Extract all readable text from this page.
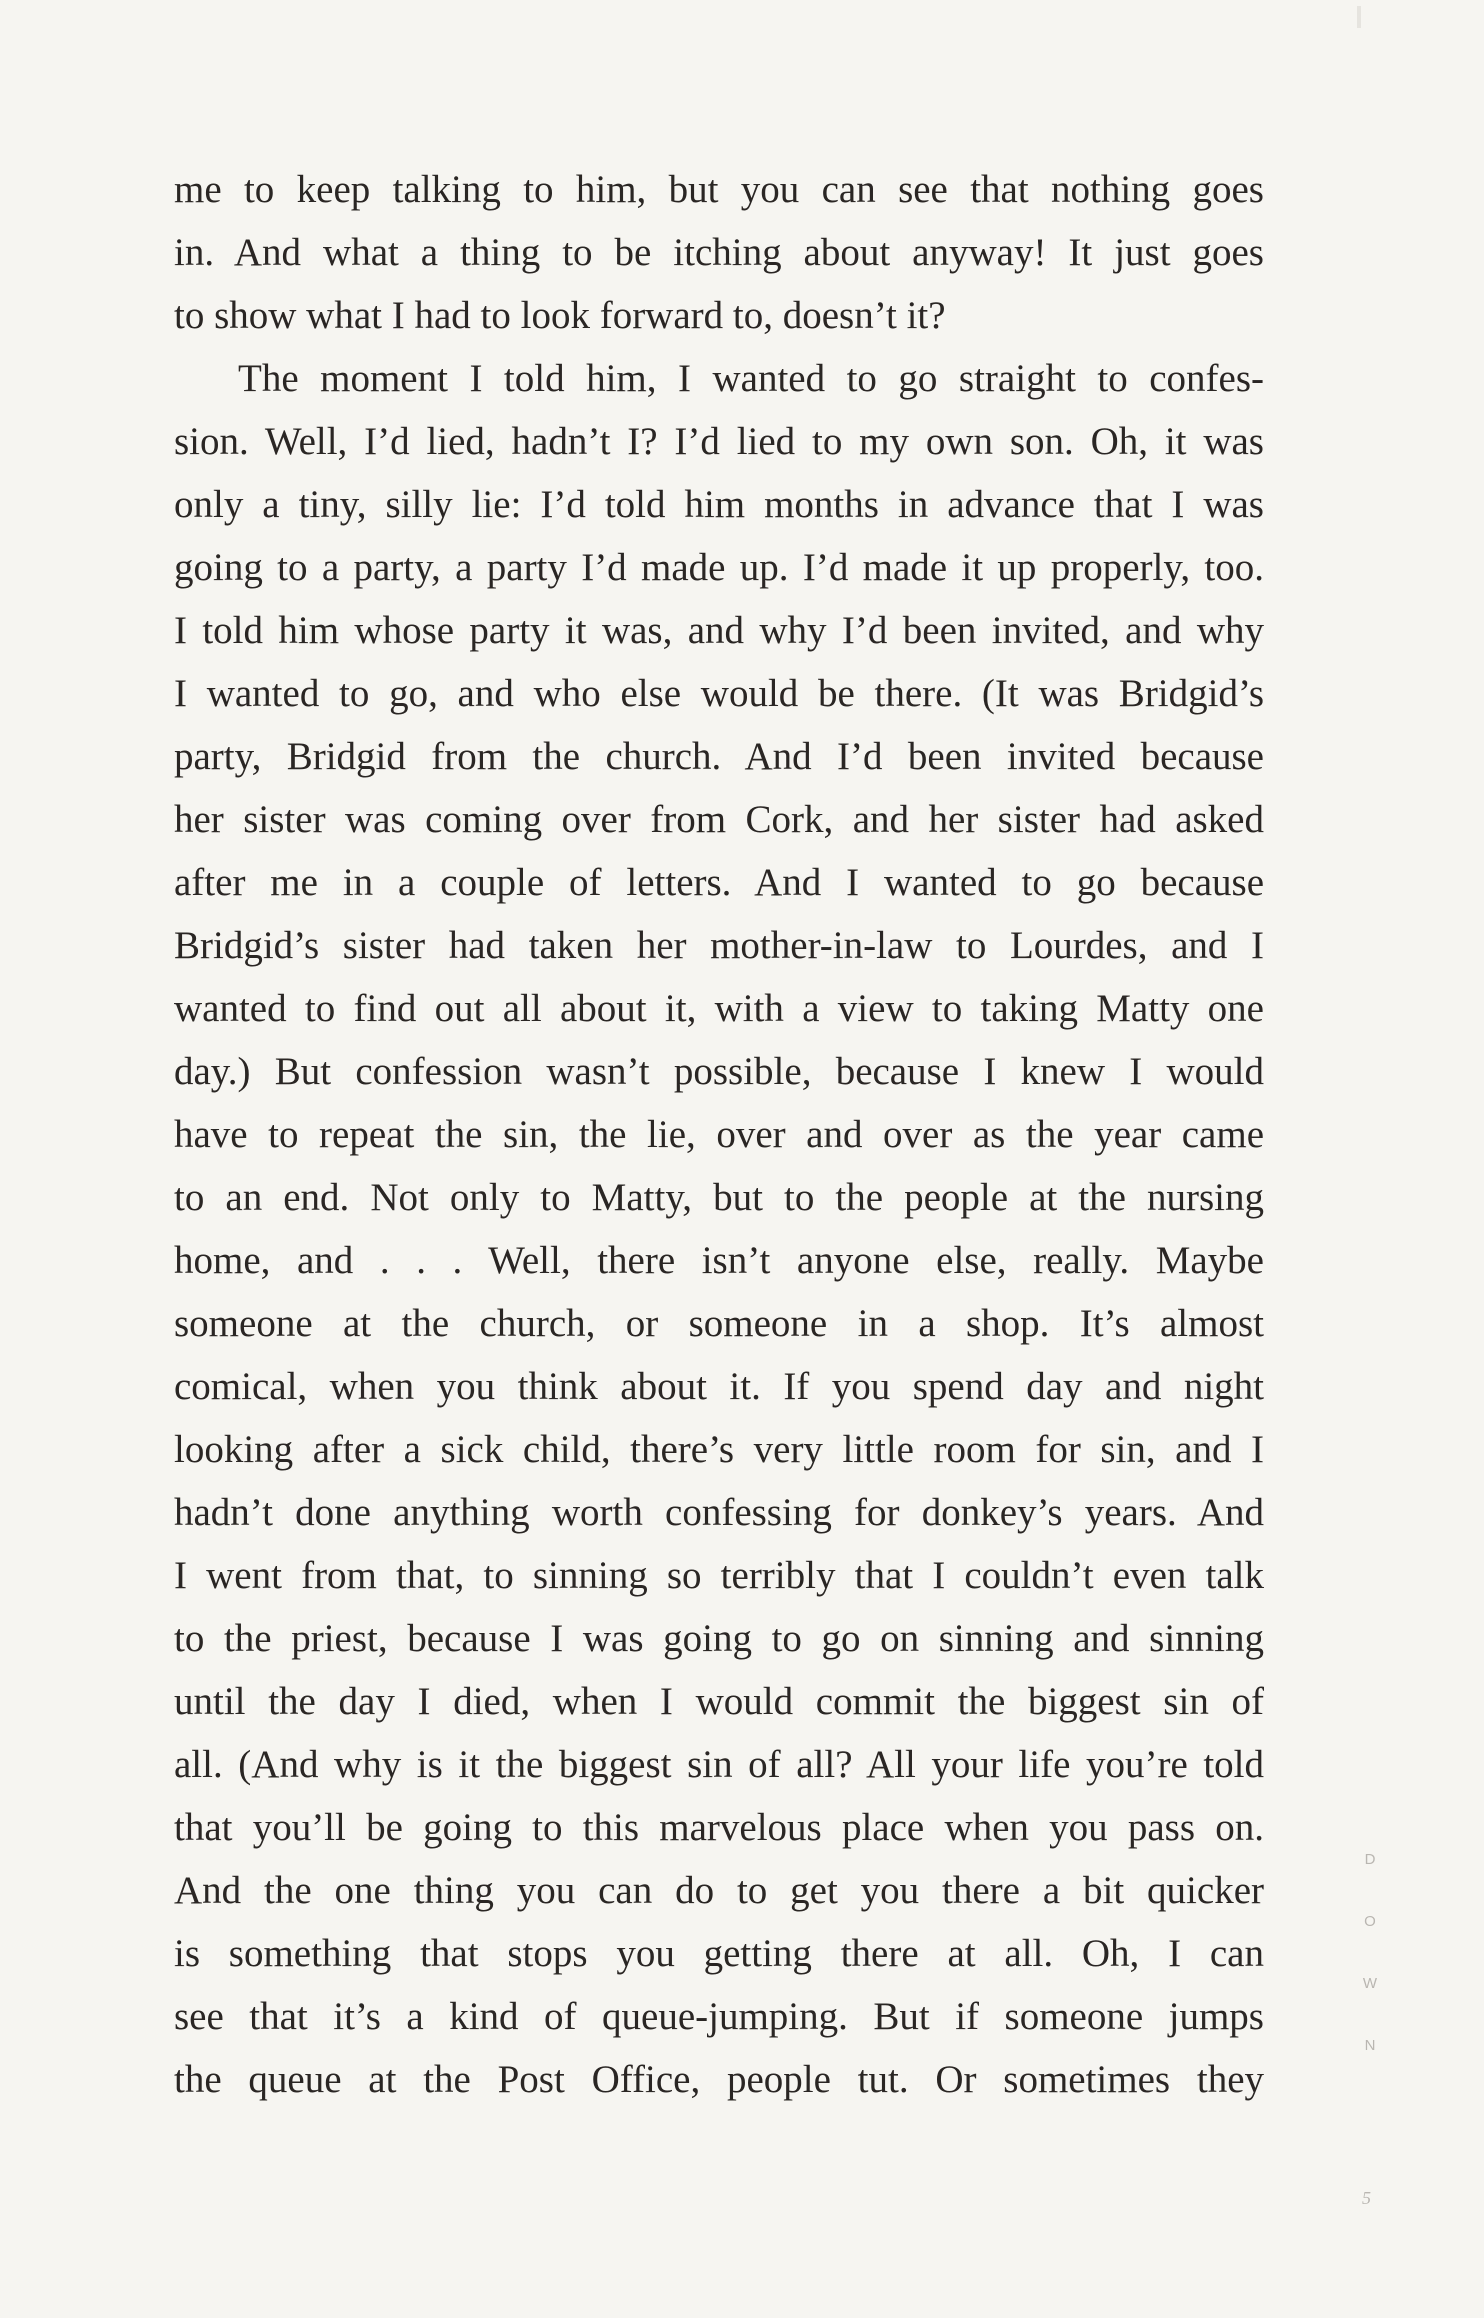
me to keep talking to him, but you can see that nothing goes
in. And what a thing to be itching about anyway! It just goes
to show what I had to look forward to, doesn’t it?
The moment I told him, I wanted to go straight to confes-
sion. Well, I’d lied, hadn’t I? I’d lied to my own son. Oh, it was
only a tiny, silly lie: I’d told him months in advance that I was
going to a party, a party I’d made up. I’d made it up properly, too.
I told him whose party it was, and why I’d been invited, and why
I wanted to go, and who else would be there. (It was Bridgid’s
party, Bridgid from the church. And I’d been invited because
her sister was coming over from Cork, and her sister had asked
after me in a couple of letters. And I wanted to go because
Bridgid’s sister had taken her mother-in-law to Lourdes, and I
wanted to find out all about it, with a view to taking Matty one
day.) But confession wasn’t possible, because I knew I would
have to repeat the sin, the lie, over and over as the year came
to an end. Not only to Matty, but to the people at the nursing
home, and . . . Well, there isn’t anyone else, really. Maybe
someone at the church, or someone in a shop. It’s almost
comical, when you think about it. If you spend day and night
looking after a sick child, there’s very little room for sin, and I
hadn’t done anything worth confessing for donkey’s years. And
I went from that, to sinning so terribly that I couldn’t even talk
to the priest, because I was going to go on sinning and sinning
until the day I died, when I would commit the biggest sin of
all. (And why is it the biggest sin of all? All your life you’re told
that you’ll be going to this marvelous place when you pass on.
And the one thing you can do to get you there a bit quicker
is something that stops you getting there at all. Oh, I can
see that it’s a kind of queue-jumping. But if someone jumps
the queue at the Post Office, people tut. Or sometimes they
D
O
W
N
5
